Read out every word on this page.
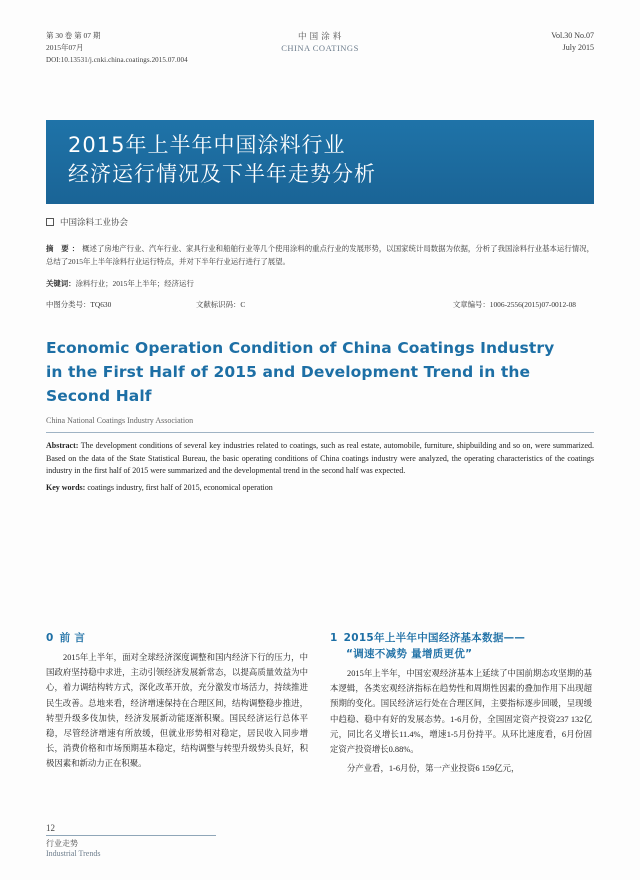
第 30 卷 第 07 期
2015年07月
中 国 涂 料
CHINA COATINGS
Vol.30 No.07
July 2015
DOI:10.13531/j.cnki.china.coatings.2015.07.004
2015年上半年中国涂料行业
经济运行情况及下半年走势分析
中国涂料工业协会
摘 要：概述了房地产行业、汽车行业、家具行业和船舶行业等几个使用涂料的重点行业的发展形势，以国家统计局数据为依据，分析了我国涂料行业基本运行情况，总结了2015年上半年涂料行业运行特点，并对下半年行业运行进行了展望。
关键词：涂料行业；2015年上半年；经济运行
中图分类号：TQ630	文献标识码：C	文章编号：1006-2556(2015)07-0012-08
Economic Operation Condition of China Coatings Industry
in the First Half of 2015 and Development Trend in the
Second Half
China National Coatings Industry Association
Abstract: The development conditions of several key industries related to coatings, such as real estate, automobile, furniture, shipbuilding and so on, were summarized. Based on the data of the State Statistical Bureau, the basic operating conditions of China coatings industry were analyzed, the operating characteristics of the coatings industry in the first half of 2015 were summarized and the developmental trend in the second half was expected.
Key words: coatings industry, first half of 2015, economical operation
0 前 言
2015年上半年，面对全球经济深度调整和国内经济下行的压力，中国政府坚持稳中求进，主动引领经济发展新常态，以提高质量效益为中心，着力调结构转方式，深化改革开放，充分激发市场活力，持续推进民生改善。总地来看，经济增速保持在合理区间，结构调整稳步推进，转型升级多伎加快，经济发展新动能逐渐积聚。国民经济运行总体平稳，尽管经济增速有所放缓，但就业形势相对稳定，居民收入同步增长，消费价格和市场预期基本稳定，结构调整与转型升级势头良好，积极因素和新动力正在积聚。
1 2015年上半年中国经济基本数据——
“调速不减势 量增质更优”
2015年上半年，中国宏观经济基本上延续了中国前期态攻坚期的基本逻辑，各类宏观经济指标在趋势性和周期性因素的叠加作用下出现超预期的变化。国民经济运行处在合理区间，主要指标逐步回暖，呈现缓中趋稳、稳中有好的发展态势。1-6月份，全国固定资产投资237 132亿元，同比名义增长11.4%，增速1-5月份持平。从环比速度看，6月份固定资产投资增长0.88%。
分产业看，1-6月份，第一产业投资6 159亿元，
12
行业走势
Industrial Trends
